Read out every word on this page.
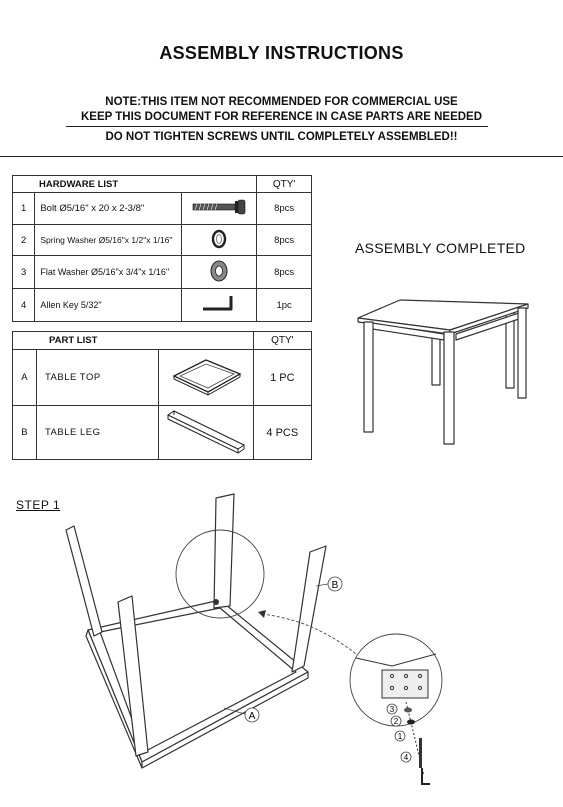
ASSEMBLY INSTRUCTIONS
NOTE:THIS ITEM NOT RECOMMENDED FOR COMMERCIAL USE
KEEP THIS DOCUMENT FOR REFERENCE IN CASE PARTS ARE NEEDED
DO NOT TIGHTEN SCREWS UNTIL COMPLETELY ASSEMBLED!!
HARDWARE LIST			QTY'
1	Bolt Ø5/16" x 20 x 2-3/8"		8pcs
2	Spring Washer Ø5/16"x 1/2"x 1/16"		8pcs
3	Flat Washer Ø5/16"x 3/4"x 1/16"		8pcs
4	Allen Key 5/32"		1pc
PART LIST			QTY'
A	TABLE TOP		1 PC
B	TABLE LEG		4 PCS
ASSEMBLY COMPLETED
STEP 1
A
B
3
2
1
4
